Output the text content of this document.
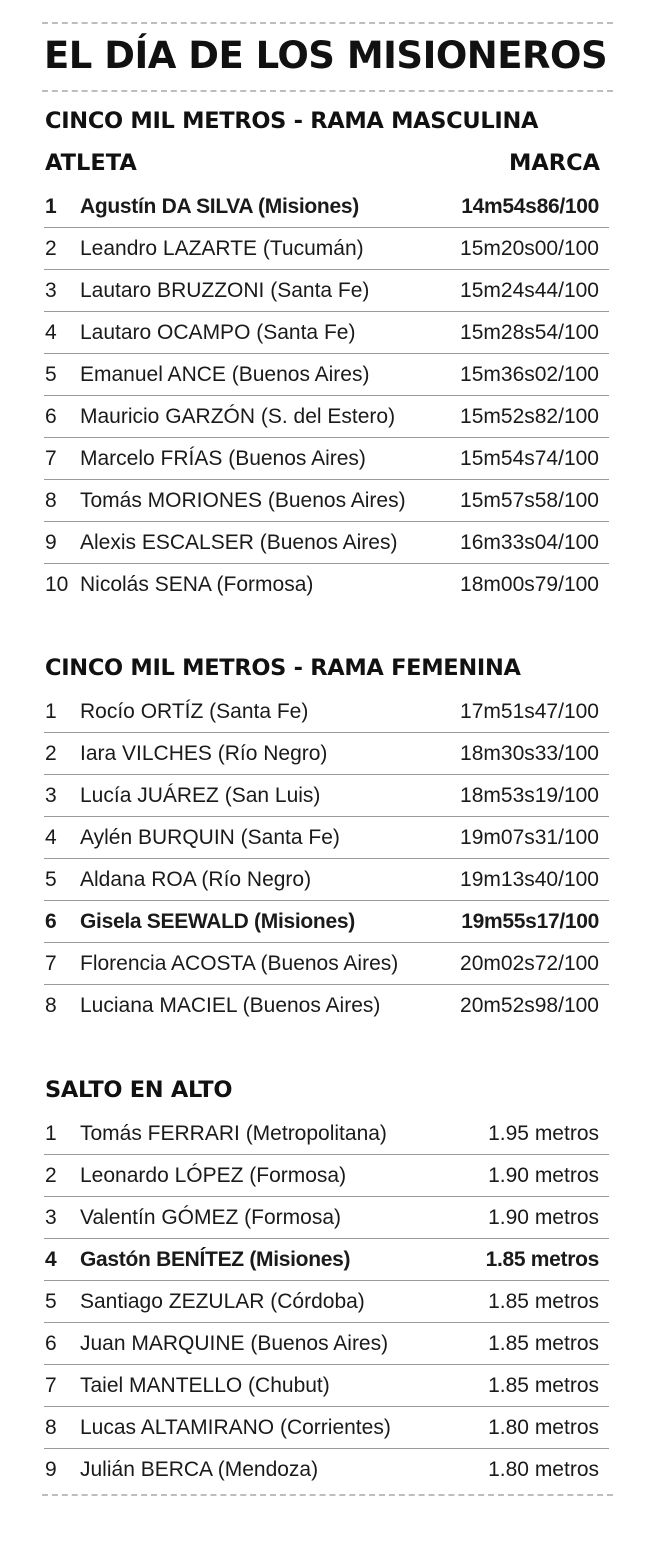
EL DÍA DE LOS MISIONEROS
CINCO MIL METROS - RAMA MASCULINA
ATLETA	MARCA
1 Agustín DA SILVA (Misiones)	14m54s86/100
2 Leandro LAZARTE (Tucumán)	15m20s00/100
3 Lautaro BRUZZONI (Santa Fe)	15m24s44/100
4 Lautaro OCAMPO (Santa Fe)	15m28s54/100
5 Emanuel ANCE (Buenos Aires)	15m36s02/100
6 Mauricio GARZÓN (S. del Estero)	15m52s82/100
7 Marcelo FRÍAS (Buenos Aires)	15m54s74/100
8 Tomás MORIONES (Buenos Aires)	15m57s58/100
9 Alexis ESCALSER (Buenos Aires)	16m33s04/100
10 Nicolás SENA (Formosa)	18m00s79/100
CINCO MIL METROS - RAMA FEMENINA
1 Rocío ORTÍZ (Santa Fe)	17m51s47/100
2 Iara VILCHES (Río Negro)	18m30s33/100
3 Lucía JUÁREZ (San Luis)	18m53s19/100
4 Aylén BURQUIN (Santa Fe)	19m07s31/100
5 Aldana ROA (Río Negro)	19m13s40/100
6 Gisela SEEWALD (Misiones)	19m55s17/100
7 Florencia ACOSTA (Buenos Aires)	20m02s72/100
8 Luciana MACIEL (Buenos Aires)	20m52s98/100
SALTO EN ALTO
1 Tomás FERRARI (Metropolitana)	1.95 metros
2 Leonardo LÓPEZ (Formosa)	1.90 metros
3 Valentín GÓMEZ (Formosa)	1.90 metros
4 Gastón BENÍTEZ (Misiones)	1.85 metros
5 Santiago ZEZULAR (Córdoba)	1.85 metros
6 Juan MARQUINE (Buenos Aires)	1.85 metros
7 Taiel MANTELLO (Chubut)	1.85 metros
8 Lucas ALTAMIRANO (Corrientes)	1.80 metros
9 Julián BERCA (Mendoza)	1.80 metros
